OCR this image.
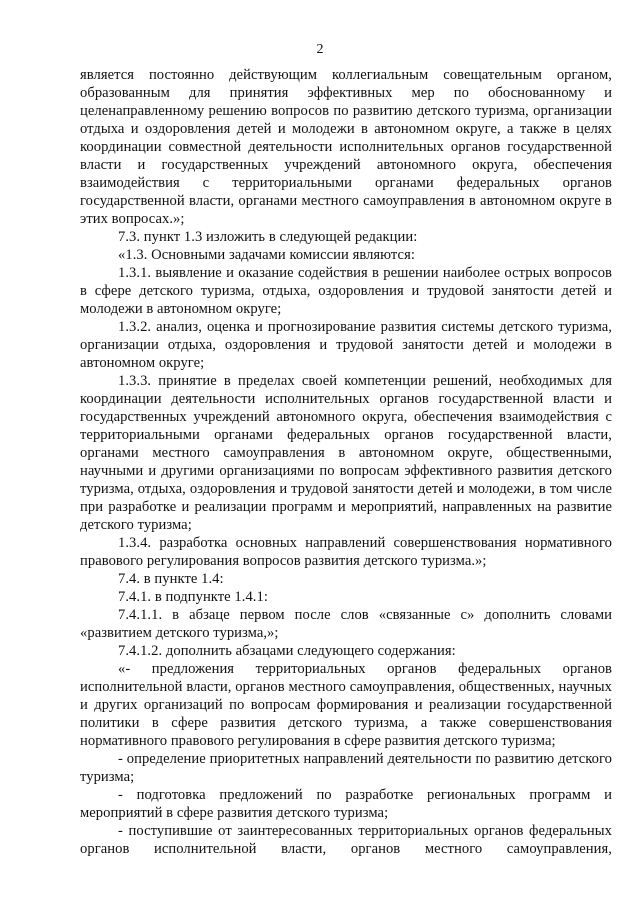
2

является постоянно действующим коллегиальным совещательным органом, образованным для принятия эффективных мер по обоснованному и целенаправленному решению вопросов по развитию детского туризма, организации отдыха и оздоровления детей и молодежи в автономном округе, а также в целях координации совместной деятельности исполнительных органов государственной власти и государственных учреждений автономного округа, обеспечения взаимодействия с территориальными органами федеральных органов государственной власти, органами местного самоуправления в автономном округе в этих вопросах.»;

7.3. пункт 1.3 изложить в следующей редакции:

«1.3. Основными задачами комиссии являются:

1.3.1. выявление и оказание содействия в решении наиболее острых вопросов в сфере детского туризма, отдыха, оздоровления и трудовой занятости детей и молодежи в автономном округе;

1.3.2. анализ, оценка и прогнозирование развития системы детского туризма, организации отдыха, оздоровления и трудовой занятости детей и молодежи в автономном округе;

1.3.3. принятие в пределах своей компетенции решений, необходимых для координации деятельности исполнительных органов государственной власти и государственных учреждений автономного округа, обеспечения взаимодействия с территориальными органами федеральных органов государственной власти, органами местного самоуправления в автономном округе, общественными, научными и другими организациями по вопросам эффективного развития детского туризма, отдыха, оздоровления и трудовой занятости детей и молодежи, в том числе при разработке и реализации программ и мероприятий, направленных на развитие детского туризма;

1.3.4. разработка основных направлений совершенствования нормативного правового регулирования вопросов развития детского туризма.»;

7.4. в пункте 1.4:

7.4.1. в подпункте 1.4.1:

7.4.1.1. в абзаце первом после слов «связанные с» дополнить словами «развитием детского туризма,»;

7.4.1.2. дополнить абзацами следующего содержания:

«- предложения территориальных органов федеральных органов исполнительной власти, органов местного самоуправления, общественных, научных и других организаций по вопросам формирования и реализации государственной политики в сфере развития детского туризма, а также совершенствования нормативного правового регулирования в сфере развития детского туризма;

- определение приоритетных направлений деятельности по развитию детского туризма;

- подготовка предложений по разработке региональных программ и мероприятий в сфере развития детского туризма;

- поступившие от заинтересованных территориальных органов федеральных органов исполнительной власти, органов местного самоуправления,
